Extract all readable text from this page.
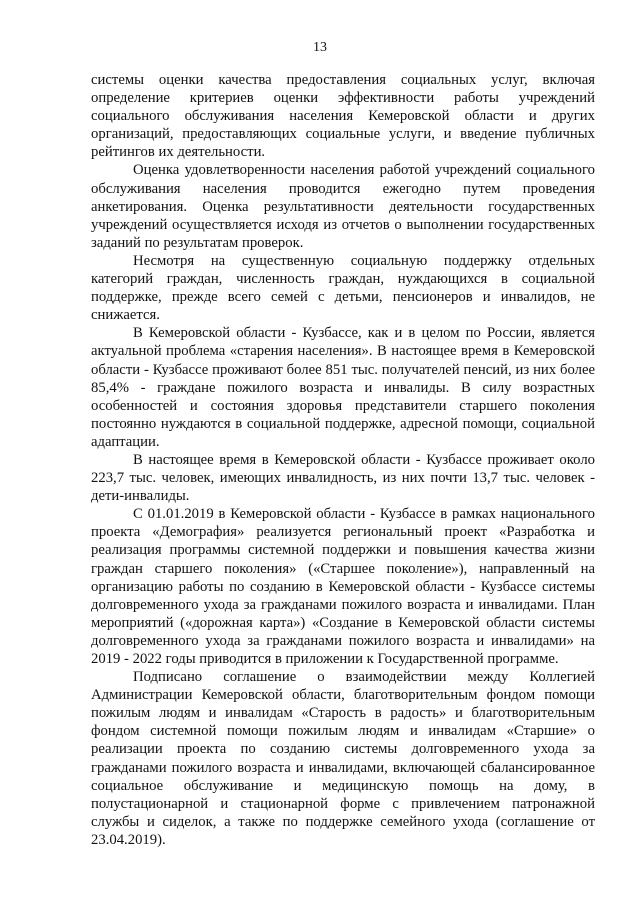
13

системы оценки качества предоставления социальных услуг, включая определение критериев оценки эффективности работы учреждений социального обслуживания населения Кемеровской области и других организаций, предоставляющих социальные услуги, и введение публичных рейтингов их деятельности.

Оценка удовлетворенности населения работой учреждений социального обслуживания населения проводится ежегодно путем проведения анкетирования. Оценка результативности деятельности государственных учреждений осуществляется исходя из отчетов о выполнении государственных заданий по результатам проверок.

Несмотря на существенную социальную поддержку отдельных категорий граждан, численность граждан, нуждающихся в социальной поддержке, прежде всего семей с детьми, пенсионеров и инвалидов, не снижается.

В Кемеровской области - Кузбассе, как и в целом по России, является актуальной проблема «старения населения». В настоящее время в Кемеровской области - Кузбассе проживают более 851 тыс. получателей пенсий, из них более 85,4% - граждане пожилого возраста и инвалиды. В силу возрастных особенностей и состояния здоровья представители старшего поколения постоянно нуждаются в социальной поддержке, адресной помощи, социальной адаптации.

В настоящее время в Кемеровской области - Кузбассе проживает около 223,7 тыс. человек, имеющих инвалидность, из них почти 13,7 тыс. человек - дети-инвалиды.

С 01.01.2019 в Кемеровской области - Кузбассе в рамках национального проекта «Демография» реализуется региональный проект «Разработка и реализация программы системной поддержки и повышения качества жизни граждан старшего поколения» («Старшее поколение»), направленный на организацию работы по созданию в Кемеровской области - Кузбассе системы долговременного ухода за гражданами пожилого возраста и инвалидами. План мероприятий («дорожная карта») «Создание в Кемеровской области системы долговременного ухода за гражданами пожилого возраста и инвалидами» на 2019 - 2022 годы приводится в приложении к Государственной программе.

Подписано соглашение о взаимодействии между Коллегией Администрации Кемеровской области, благотворительным фондом помощи пожилым людям и инвалидам «Старость в радость» и благотворительным фондом системной помощи пожилым людям и инвалидам «Старшие» о реализации проекта по созданию системы долговременного ухода за гражданами пожилого возраста и инвалидами, включающей сбалансированное социальное обслуживание и медицинскую помощь на дому, в полустационарной и стационарной форме с привлечением патронажной службы и сиделок, а также по поддержке семейного ухода (соглашение от 23.04.2019).
